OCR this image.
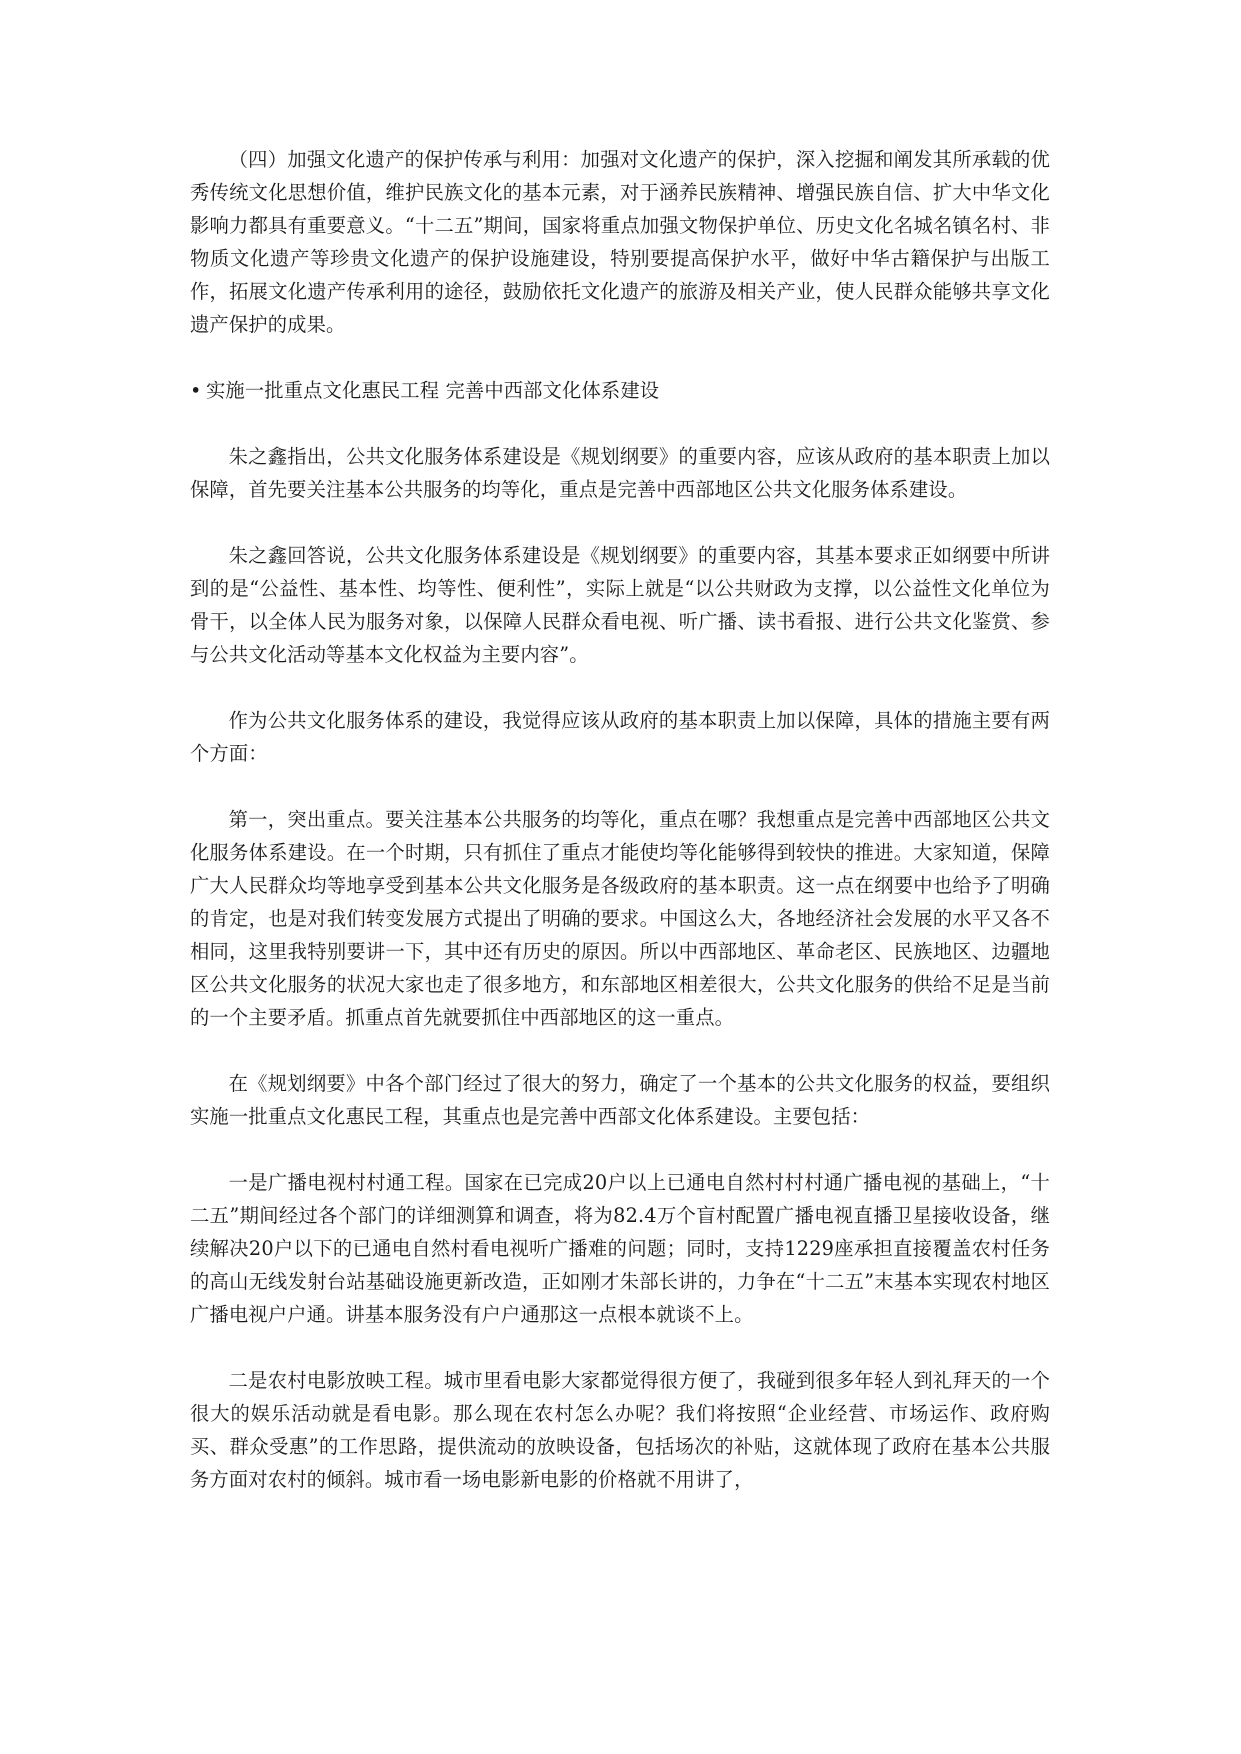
（四）加强文化遗产的保护传承与利用：加强对文化遗产的保护，深入挖掘和阐发其所承载的优秀传统文化思想价值，维护民族文化的基本元素，对于涵养民族精神、增强民族自信、扩大中华文化影响力都具有重要意义。“十二五”期间，国家将重点加强文物保护单位、历史文化名城名镇名村、非物质文化遗产等珍贵文化遗产的保护设施建设，特别要提高保护水平，做好中华古籍保护与出版工作，拓展文化遗产传承利用的途径，鼓励依托文化遗产的旅游及相关产业，使人民群众能够共享文化遗产保护的成果。

• 实施一批重点文化惠民工程 完善中西部文化体系建设

朱之鑫指出，公共文化服务体系建设是《规划纲要》的重要内容，应该从政府的基本职责上加以保障，首先要关注基本公共服务的均等化，重点是完善中西部地区公共文化服务体系建设。

朱之鑫回答说，公共文化服务体系建设是《规划纲要》的重要内容，其基本要求正如纲要中所讲到的是“公益性、基本性、均等性、便利性”，实际上就是“以公共财政为支撑，以公益性文化单位为骨干，以全体人民为服务对象，以保障人民群众看电视、听广播、读书看报、进行公共文化鉴赏、参与公共文化活动等基本文化权益为主要内容”。

作为公共文化服务体系的建设，我觉得应该从政府的基本职责上加以保障，具体的措施主要有两个方面：

第一，突出重点。要关注基本公共服务的均等化，重点在哪？我想重点是完善中西部地区公共文化服务体系建设。在一个时期，只有抓住了重点才能使均等化能够得到较快的推进。大家知道，保障广大人民群众均等地享受到基本公共文化服务是各级政府的基本职责。这一点在纲要中也给予了明确的肯定，也是对我们转变发展方式提出了明确的要求。中国这么大，各地经济社会发展的水平又各不相同，这里我特别要讲一下，其中还有历史的原因。所以中西部地区、革命老区、民族地区、边疆地区公共文化服务的状况大家也走了很多地方，和东部地区相差很大，公共文化服务的供给不足是当前的一个主要矛盾。抓重点首先就要抓住中西部地区的这一重点。

在《规划纲要》中各个部门经过了很大的努力，确定了一个基本的公共文化服务的权益，要组织实施一批重点文化惠民工程，其重点也是完善中西部文化体系建设。主要包括：

一是广播电视村村通工程。国家在已完成20户以上已通电自然村村村通广播电视的基础上，“十二五”期间经过各个部门的详细测算和调查，将为82.4万个盲村配置广播电视直播卫星接收设备，继续解决20户以下的已通电自然村看电视听广播难的问题；同时，支持1229座承担直接覆盖农村任务的高山无线发射台站基础设施更新改造，正如刚才朱部长讲的，力争在“十二五”末基本实现农村地区广播电视户户通。讲基本服务没有户户通那这一点根本就谈不上。

二是农村电影放映工程。城市里看电影大家都觉得很方便了，我碰到很多年轻人到礼拜天的一个很大的娱乐活动就是看电影。那么现在农村怎么办呢？我们将按照“企业经营、市场运作、政府购买、群众受惠”的工作思路，提供流动的放映设备，包括场次的补贴，这就体现了政府在基本公共服务方面对农村的倾斜。城市看一场电影新电影的价格就不用讲了，
